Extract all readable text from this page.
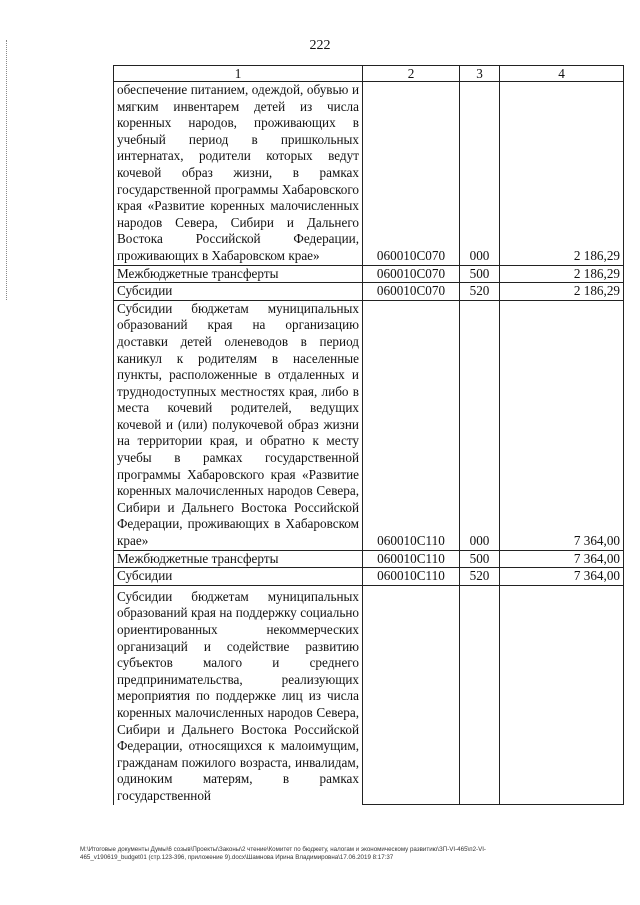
222
1	2	3	4
обеспечение питанием, одеждой, обувью и мягким инвентарем детей из числа коренных народов, проживающих в учебный период в пришкольных интернатах, родители которых ведут кочевой образ жизни, в рамках государственной программы Хабаровского края «Развитие коренных малочисленных народов Севера, Сибири и Дальнего Востока Российской Федерации, проживающих в Хабаровском крае»	060010С070	000	2 186,29
Межбюджетные трансферты	060010С070	500	2 186,29
Субсидии	060010С070	520	2 186,29
Субсидии бюджетам муниципальных образований края на организацию доставки детей оленеводов в период каникул к родителям в населенные пункты, расположенные в отдаленных и труднодоступных местностях края, либо в места кочевий родителей, ведущих кочевой и (или) полукочевой образ жизни на территории края, и обратно к месту учебы в рамках государственной программы Хабаровского края «Развитие коренных малочисленных народов Севера, Сибири и Дальнего Востока Российской Федерации, проживающих в Хабаровском крае»	060010С110	000	7 364,00
Межбюджетные трансферты	060010С110	500	7 364,00
Субсидии	060010С110	520	7 364,00
Субсидии бюджетам муниципальных образований края на поддержку социально ориентированных некоммерческих организаций и содействие развитию субъектов малого и среднего предпринимательства, реализующих мероприятия по поддержке лиц из числа коренных малочисленных народов Севера, Сибири и Дальнего Востока Российской Федерации, относящихся к малоимущим, гражданам пожилого возраста, инвалидам, одиноким матерям, в рамках государственной			
М:\Итоговые документы Думы\6 созыв\Проекты\Законы\2 чтение\Комитет по бюджету, налогам и экономическому развитию\ЗП-VI-465\п2-VI-
465_v190619_budget01 (стр.123-396, приложение 9).docx\Шамнова Ирина Владимировна\17.06.2019 8:17:37
